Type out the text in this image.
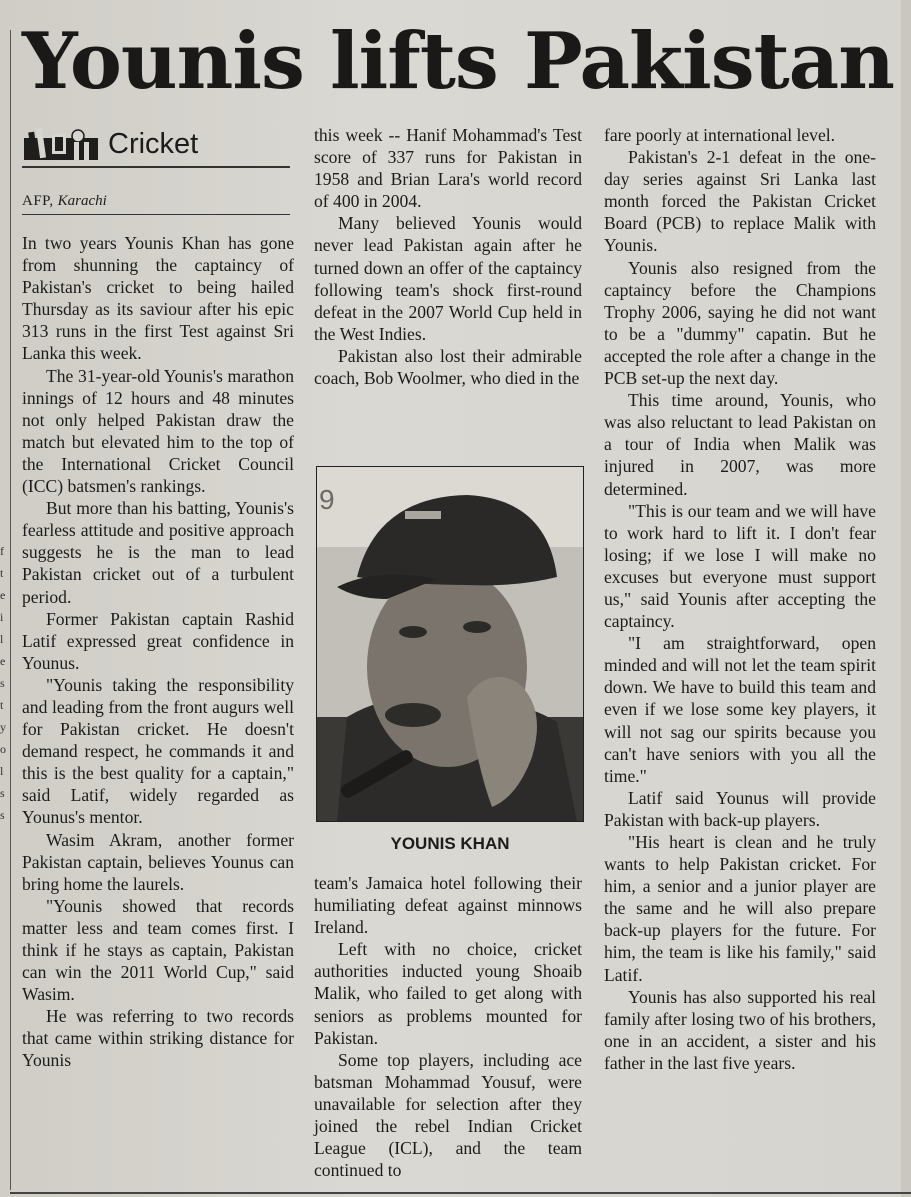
Younis lifts Pakistan
Cricket
AFP, Karachi

In two years Younis Khan has gone from shunning the captaincy of Pakistan's cricket to being hailed Thursday as its saviour after his epic 313 runs in the first Test against Sri Lanka this week.

The 31-year-old Younis's marathon innings of 12 hours and 48 minutes not only helped Pakistan draw the match but elevated him to the top of the International Cricket Council (ICC) batsmen's rankings.

But more than his batting, Younis's fearless attitude and positive approach suggests he is the man to lead Pakistan cricket out of a turbulent period.

Former Pakistan captain Rashid Latif expressed great confidence in Younus.

"Younis taking the responsibility and leading from the front augurs well for Pakistan cricket. He doesn't demand respect, he commands it and this is the best quality for a captain," said Latif, widely regarded as Younus's mentor.

Wasim Akram, another former Pakistan captain, believes Younus can bring home the laurels.

"Younis showed that records matter less and team comes first. I think if he stays as captain, Pakistan can win the 2011 World Cup," said Wasim.

He was referring to two records that came within striking distance for Younis

this week -- Hanif Mohammad's Test score of 337 runs for Pakistan in 1958 and Brian Lara's world record of 400 in 2004.

Many believed Younis would never lead Pakistan again after he turned down an offer of the captaincy following team's shock first-round defeat in the 2007 World Cup held in the West Indies.

Pakistan also lost their admirable coach, Bob Woolmer, who died in the

9
YOUNIS KHAN

team's Jamaica hotel following their humiliating defeat against minnows Ireland.

Left with no choice, cricket authorities inducted young Shoaib Malik, who failed to get along with seniors as problems mounted for Pakistan.

Some top players, including ace batsman Mohammad Yousuf, were unavailable for selection after they joined the rebel Indian Cricket League (ICL), and the team continued to

fare poorly at international level.

Pakistan's 2-1 defeat in the one-day series against Sri Lanka last month forced the Pakistan Cricket Board (PCB) to replace Malik with Younis.

Younis also resigned from the captaincy before the Champions Trophy 2006, saying he did not want to be a "dummy" capatin. But he accepted the role after a change in the PCB set-up the next day.

This time around, Younis, who was also reluctant to lead Pakistan on a tour of India when Malik was injured in 2007, was more determined.

"This is our team and we will have to work hard to lift it. I don't fear losing; if we lose I will make no excuses but everyone must support us," said Younis after accepting the captaincy.

"I am straightforward, open minded and will not let the team spirit down. We have to build this team and even if we lose some key players, it will not sag our spirits because you can't have seniors with you all the time."

Latif said Younus will provide Pakistan with back-up players.

"His heart is clean and he truly wants to help Pakistan cricket. For him, a senior and a junior player are the same and he will also prepare back-up players for the future. For him, the team is like his family," said Latif.

Younis has also supported his real family after losing two of his brothers, one in an accident, a sister and his father in the last five years.

f
t
e
i
l
e
s
t
y
o
l
s
s
